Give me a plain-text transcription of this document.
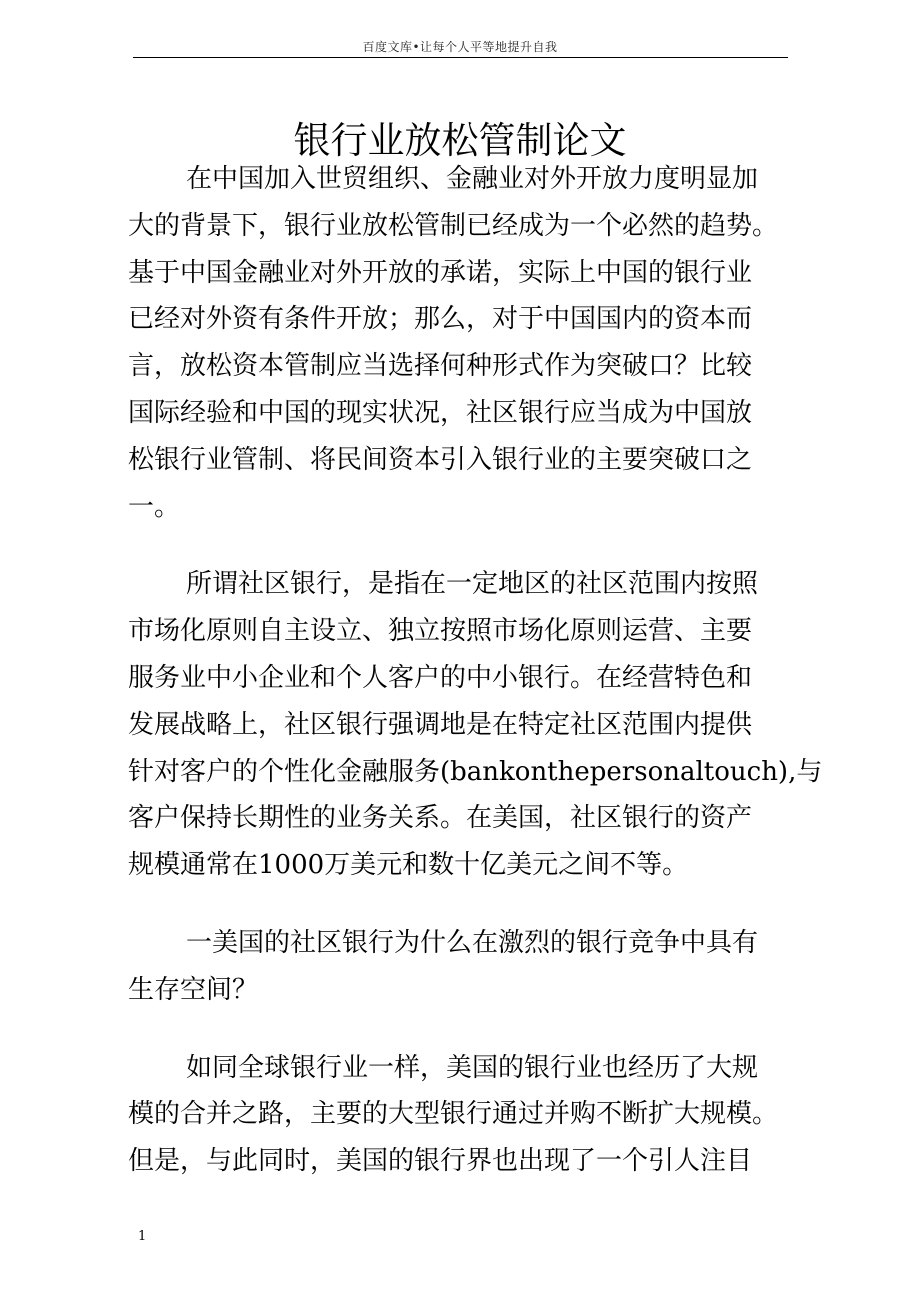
百度文库•让每个人平等地提升自我
银行业放松管制论文
在中国加入世贸组织、金融业对外开放力度明显加
大的背景下，银行业放松管制已经成为一个必然的趋势。
基于中国金融业对外开放的承诺，实际上中国的银行业
已经对外资有条件开放；那么，对于中国国内的资本而
言，放松资本管制应当选择何种形式作为突破口？比较
国际经验和中国的现实状况，社区银行应当成为中国放
松银行业管制、将民间资本引入银行业的主要突破口之
一。
所谓社区银行，是指在一定地区的社区范围内按照
市场化原则自主设立、独立按照市场化原则运营、主要
服务业中小企业和个人客户的中小银行。在经营特色和
发展战略上，社区银行强调地是在特定社区范围内提供
针对客户的个性化金融服务(bankonthepersonaltouch),与
客户保持长期性的业务关系。在美国，社区银行的资产
规模通常在1000万美元和数十亿美元之间不等。
一美国的社区银行为什么在激烈的银行竞争中具有
生存空间？
如同全球银行业一样，美国的银行业也经历了大规
模的合并之路，主要的大型银行通过并购不断扩大规模。
但是，与此同时，美国的银行界也出现了一个引人注目
1
